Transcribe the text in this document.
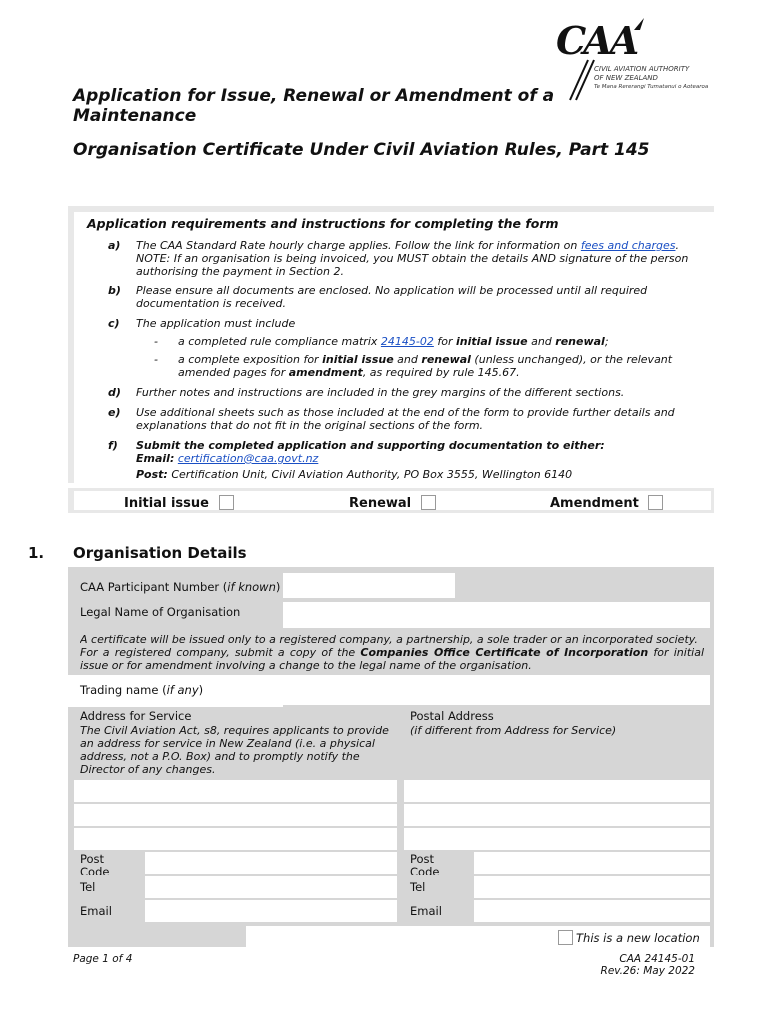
CAA
CIVIL AVIATION AUTHORITY
OF NEW ZEALAND
Te Mana Rererangi Tumatanui o Aotearoa
Application for Issue, Renewal or Amendment of a
Maintenance
Organisation Certificate Under Civil Aviation Rules, Part 145
Application requirements and instructions for completing the form
a) The CAA Standard Rate hourly charge applies. Follow the link for information on fees and charges. NOTE: If an organisation is being invoiced, you MUST obtain the details AND signature of the person authorising the payment in Section 2.
b) Please ensure all documents are enclosed. No application will be processed until all required documentation is received.
c) The application must include
- a completed rule compliance matrix 24145-02 for initial issue and renewal;
- a complete exposition for initial issue and renewal (unless unchanged), or the relevant amended pages for amendment, as required by rule 145.67.
d) Further notes and instructions are included in the grey margins of the different sections.
e) Use additional sheets such as those included at the end of the form to provide further details and explanations that do not fit in the original sections of the form.
f) Submit the completed application and supporting documentation to either:
Email: certification@caa.govt.nz
Post: Certification Unit, Civil Aviation Authority, PO Box 3555, Wellington 6140
Initial issue	Renewal	Amendment
1. Organisation Details
CAA Participant Number (if known)
Legal Name of Organisation
A certificate will be issued only to a registered company, a partnership, a sole trader or an incorporated society.
For a registered company, submit a copy of the Companies Office Certificate of Incorporation for initial issue or for amendment involving a change to the legal name of the organisation.
Trading name (if any)
Address for Service
The Civil Aviation Act, s8, requires applicants to provide an address for service in New Zealand (i.e. a physical address, not a P.O. Box) and to promptly notify the Director of any changes.
Postal Address
(if different from Address for Service)
Post Code
Post Code
Tel	Tel
Email	Email
This is a new location
Page 1 of 4	CAA 24145-01
Rev.26: May 2022
